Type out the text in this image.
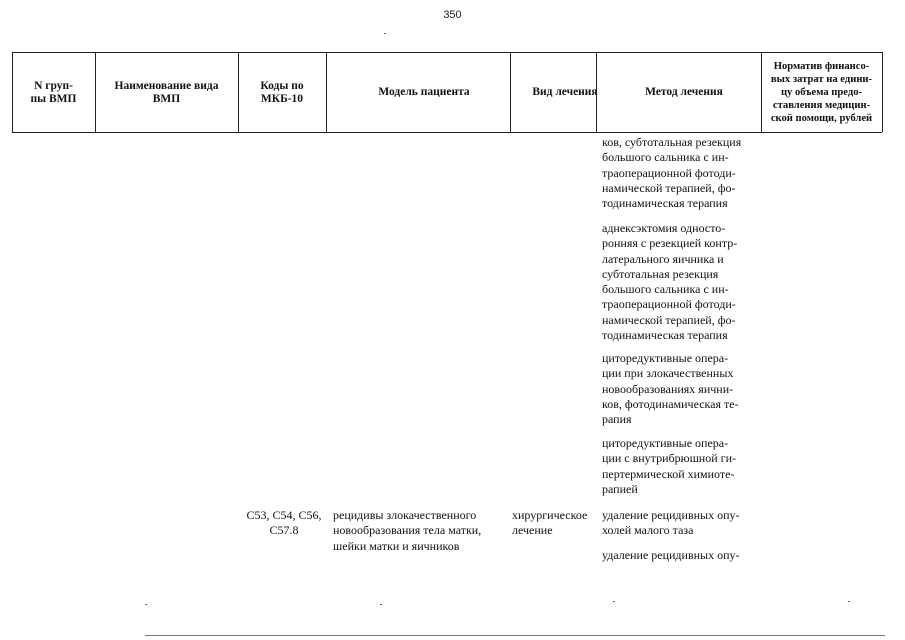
350
N груп-
пы ВМП
Наименование вида
ВМП
Коды по
МКБ-10
Модель пациента	Вид лечения	Метод лечения
Норматив финансо-
вых затрат на едини-
цу объема предо-
ставления медицин-
ской помощи, рублей
ков, субтотальная резекция
большого сальника с ин-
траоперационной фотоди-
намической терапией, фо-
тодинамическая терапия
аднексэктомия односто-
ронняя с резекцией контр-
латерального яичника и
субтотальная резекция
большого сальника с ин-
траоперационной фотоди-
намической терапией, фо-
тодинамическая терапия
циторедуктивные опера-
ции при злокачественных
новообразованиях яични-
ков, фотодинамическая те-
рапия
циторедуктивные опера-
ции с внутрибрюшной ги-
пертермической химиоте-
рапией
C53, C54, C56,
C57.8
рецидивы злокачественного
новообразования тела матки,
шейки матки и яичников
хирургическое
лечение
удаление рецидивных опу-
холей малого таза
удаление рецидивных опу-
